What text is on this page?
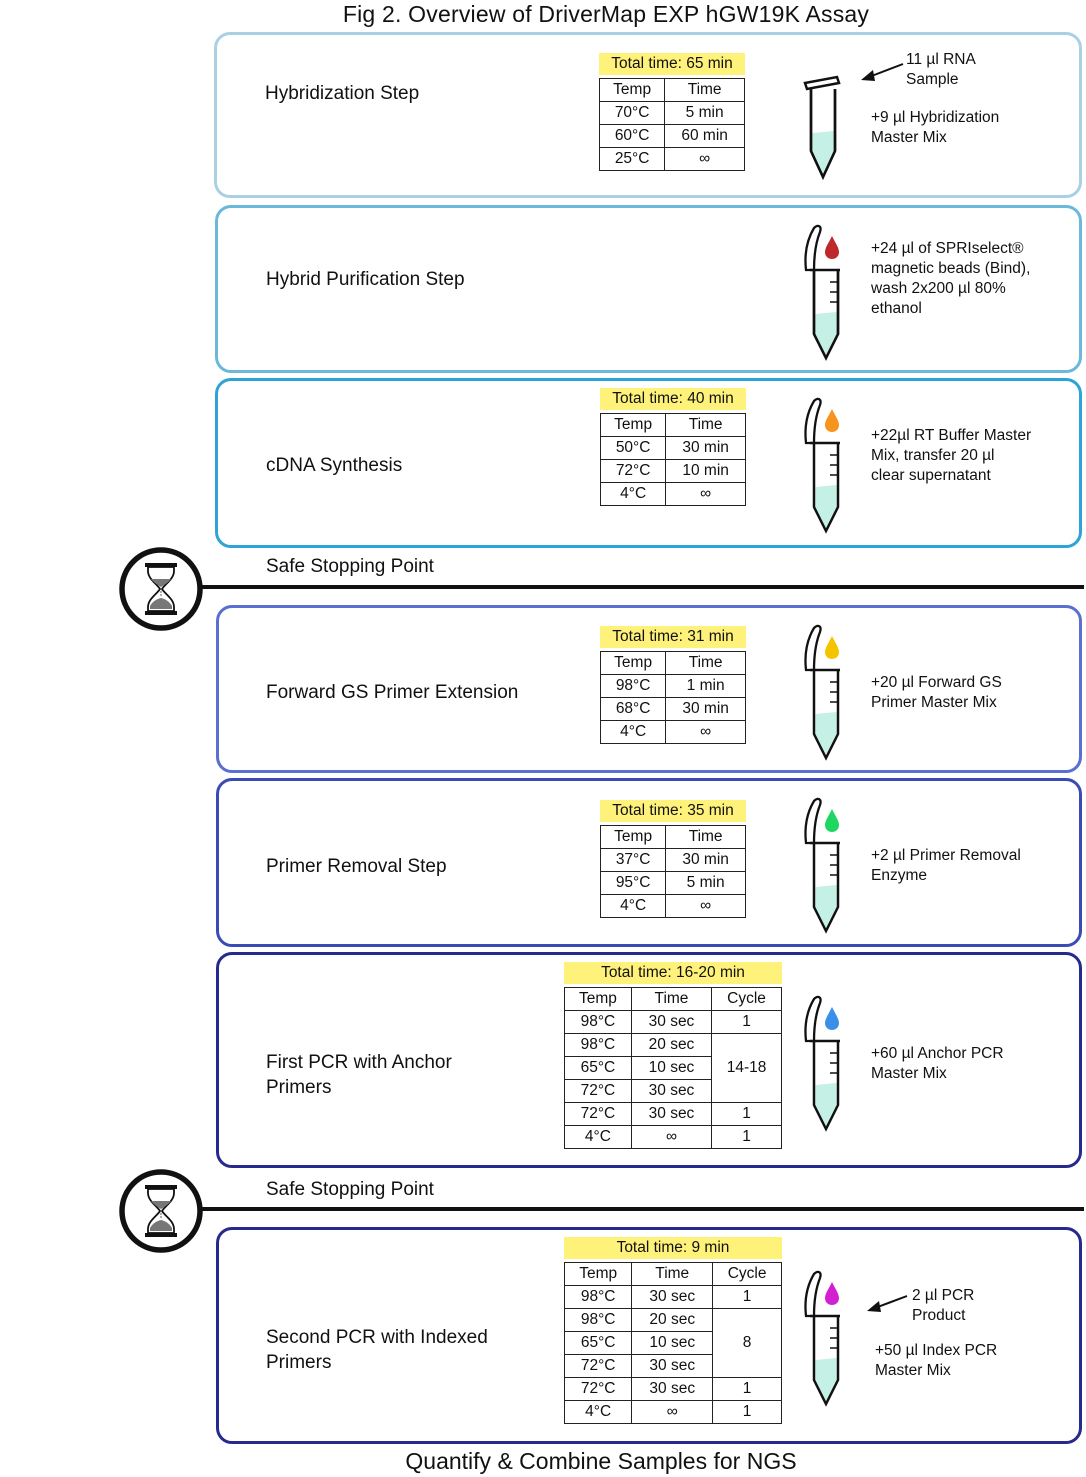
Fig 2. Overview of DriverMap EXP hGW19K Assay
Hybridization Step
Total time: 65 min
Temp	Time
70°C	5 min
60°C	60 min
25°C	∞
11 µl RNA
Sample
+9 µl Hybridization
Master Mix
Hybrid Purification Step
+24 µl of SPRIselect®
magnetic beads (Bind),
wash 2x200 µl 80%
ethanol
cDNA Synthesis
Total time: 40 min
Temp	Time
50°C	30 min
72°C	10 min
4°C	∞
+22µl RT Buffer Master
Mix, transfer 20 µl
clear supernatant
Safe Stopping Point
Forward GS Primer Extension
Total time: 31 min
Temp	Time
98°C	1 min
68°C	30 min
4°C	∞
+20 µl Forward GS
Primer Master Mix
Primer Removal Step
Total time: 35 min
Temp	Time
37°C	30 min
95°C	5 min
4°C	∞
+2 µl Primer Removal
Enzyme
First PCR with Anchor
Primers
Total time: 16-20 min
Temp	Time	Cycle
98°C	30 sec	1
98°C	20 sec	14-18
65°C	10 sec	
72°C	30 sec	
72°C	30 sec	1
4°C	∞	1
+60 µl Anchor PCR
Master Mix
Safe Stopping Point
Second PCR with Indexed
Primers
Total time: 9 min
Temp	Time	Cycle
98°C	30 sec	1
98°C	20 sec	8
65°C	10 sec	
72°C	30 sec	
72°C	30 sec	1
4°C	∞	1
2 µl PCR
Product
+50 µl Index PCR
Master Mix
Quantify & Combine Samples for NGS
